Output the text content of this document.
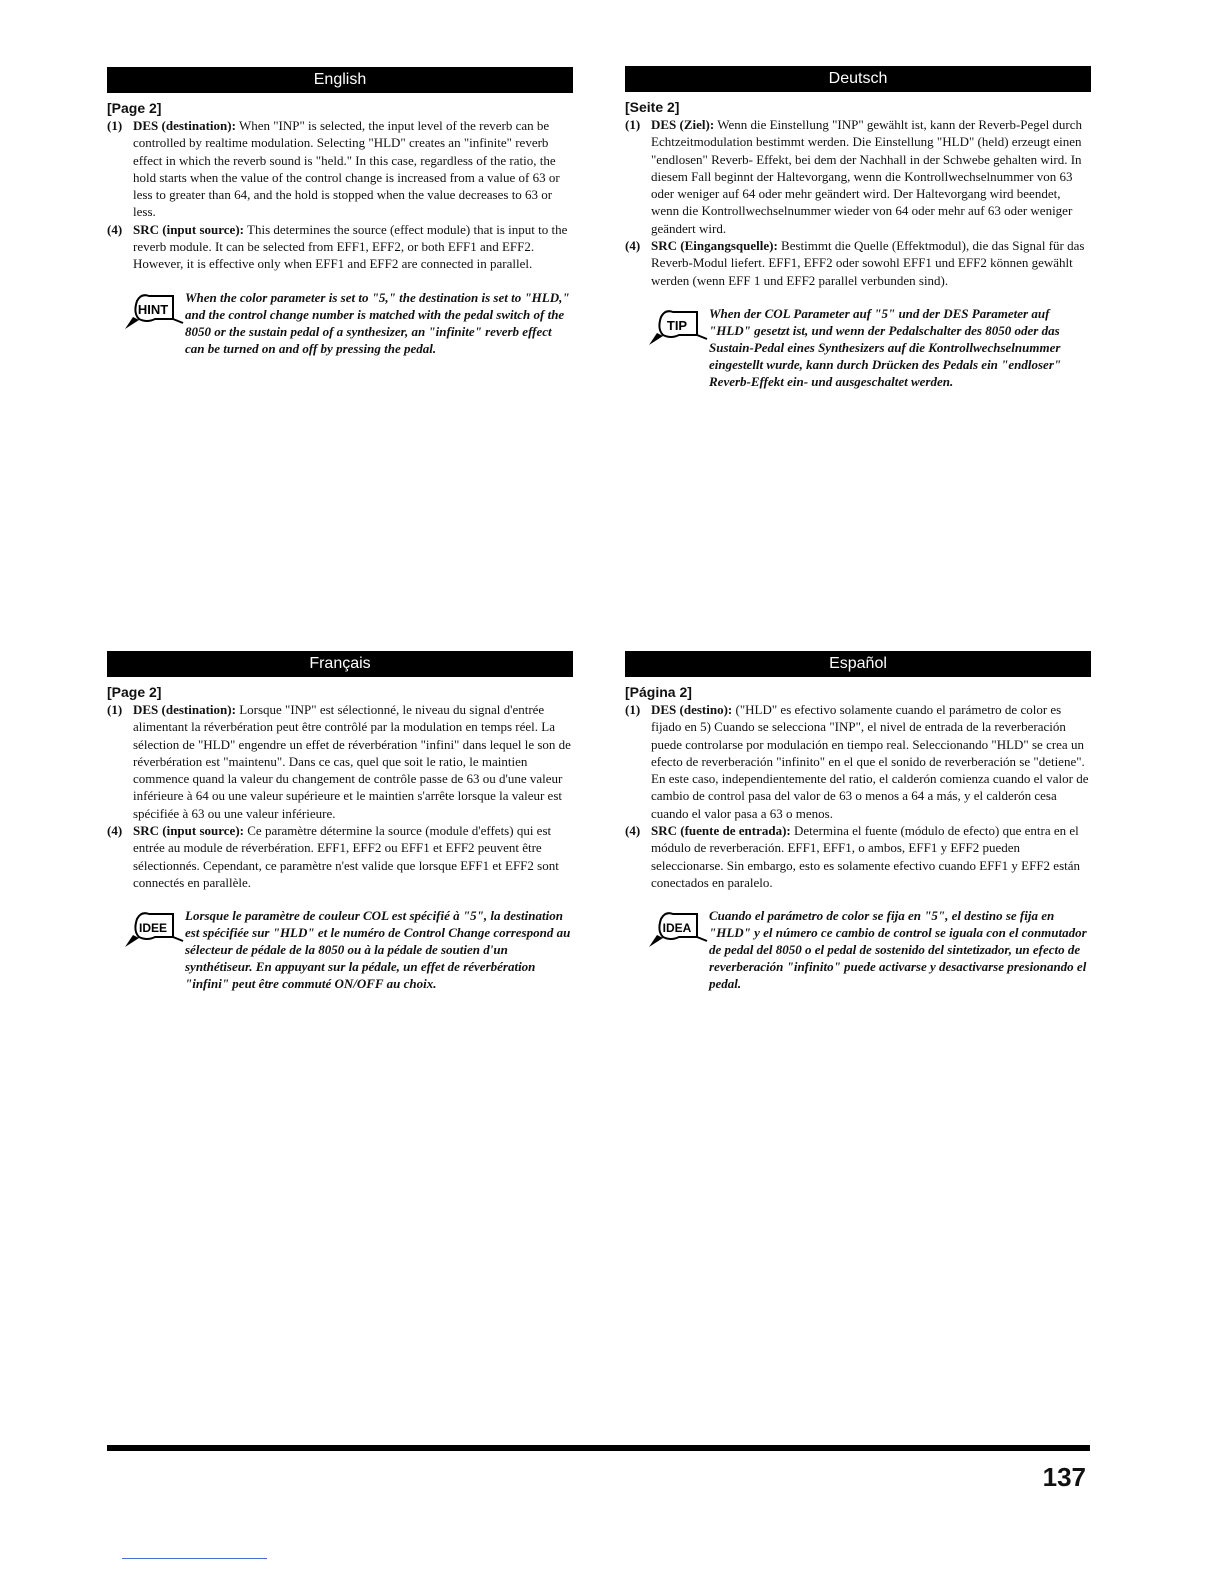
English
[Page 2]
(1) DES (destination): When "INP" is selected, the input level of the reverb can be controlled by realtime modulation. Selecting "HLD" creates an "infinite" reverb effect in which the reverb sound is "held." In this case, regardless of the ratio, the hold starts when the value of the control change is increased from a value of 63 or less to greater than 64, and the hold is stopped when the value decreases to 63 or less.
(4) SRC (input source): This determines the source (effect module) that is input to the reverb module. It can be selected from EFF1, EFF2, or both EFF1 and EFF2. However, it is effective only when EFF1 and EFF2 are connected in parallel.
HINT
When the color parameter is set to "5," the destination is set to "HLD," and the control change number is matched with the pedal switch of the 8050 or the sustain pedal of a synthesizer, an "infinite" reverb effect can be turned on and off by pressing the pedal.
Deutsch
[Seite 2]
(1) DES (Ziel): Wenn die Einstellung "INP" gewählt ist, kann der Reverb-Pegel durch Echtzeitmodulation bestimmt werden. Die Einstellung "HLD" (held) erzeugt einen "endlosen" Reverb- Effekt, bei dem der Nachhall in der Schwebe gehalten wird. In diesem Fall beginnt der Haltevorgang, wenn die Kontrollwechselnummer von 63 oder weniger auf 64 oder mehr geändert wird. Der Haltevorgang wird beendet, wenn die Kontrollwechselnummer wieder von 64 oder mehr auf 63 oder weniger geändert wird.
(4) SRC (Eingangsquelle): Bestimmt die Quelle (Effektmodul), die das Signal für das Reverb-Modul liefert. EFF1, EFF2 oder sowohl EFF1 und EFF2 können gewählt werden (wenn EFF 1 und EFF2 parallel verbunden sind).
TIP
When der COL Parameter auf "5" und der DES Parameter auf "HLD" gesetzt ist, und wenn der Pedalschalter des 8050 oder das Sustain-Pedal eines Synthesizers auf die Kontrollwechselnummer eingestellt wurde, kann durch Drücken des Pedals ein "endloser" Reverb-Effekt ein- und ausgeschaltet werden.
Français
[Page 2]
(1) DES (destination): Lorsque "INP" est sélectionné, le niveau du signal d'entrée alimentant la réverbération peut être contrôlé par la modulation en temps réel. La sélection de "HLD" engendre un effet de réverbération "infini" dans lequel le son de réverbération est "maintenu". Dans ce cas, quel que soit le ratio, le maintien commence quand la valeur du changement de contrôle passe de 63 ou d'une valeur inférieure à 64 ou une valeur supérieure et le maintien s'arrête lorsque la valeur est spécifiée à 63 ou une valeur inférieure.
(4) SRC (input source): Ce paramètre détermine la source (module d'effets) qui est entrée au module de réverbération. EFF1, EFF2 ou EFF1 et EFF2 peuvent être sélectionnés. Cependant, ce paramètre n'est valide que lorsque EFF1 et EFF2 sont connectés en parallèle.
IDEE
Lorsque le paramètre de couleur COL est spécifié à "5", la destination est spécifiée sur "HLD" et le numéro de Control Change correspond au sélecteur de pédale de la 8050 ou à la pédale de soutien d'un synthétiseur. En appuyant sur la pédale, un effet de réverbération "infini" peut être commuté ON/OFF au choix.
Español
[Página 2]
(1) DES (destino): ("HLD" es efectivo solamente cuando el parámetro de color es fijado en 5) Cuando se selecciona "INP", el nivel de entrada de la reverberación puede controlarse por modulación en tiempo real. Seleccionando "HLD" se crea un efecto de reverberación "infinito" en el que el sonido de reverberación se "detiene". En este caso, independientemente del ratio, el calderón comienza cuando el valor de cambio de control pasa del valor de 63 o menos a 64 a más, y el calderón cesa cuando el valor pasa a 63 o menos.
(4) SRC (fuente de entrada): Determina el fuente (módulo de efecto) que entra en el módulo de reverberación. EFF1, EFF1, o ambos, EFF1 y EFF2 pueden seleccionarse. Sin embargo, esto es solamente efectivo cuando EFF1 y EFF2 están conectados en paralelo.
IDEA
Cuando el parámetro de color se fija en "5", el destino se fija en "HLD" y el número ce cambio de control se iguala con el conmutador de pedal del 8050 o el pedal de sostenido del sintetizador, un efecto de reverberación "infinito" puede activarse y desactivarse presionando el pedal.
137
